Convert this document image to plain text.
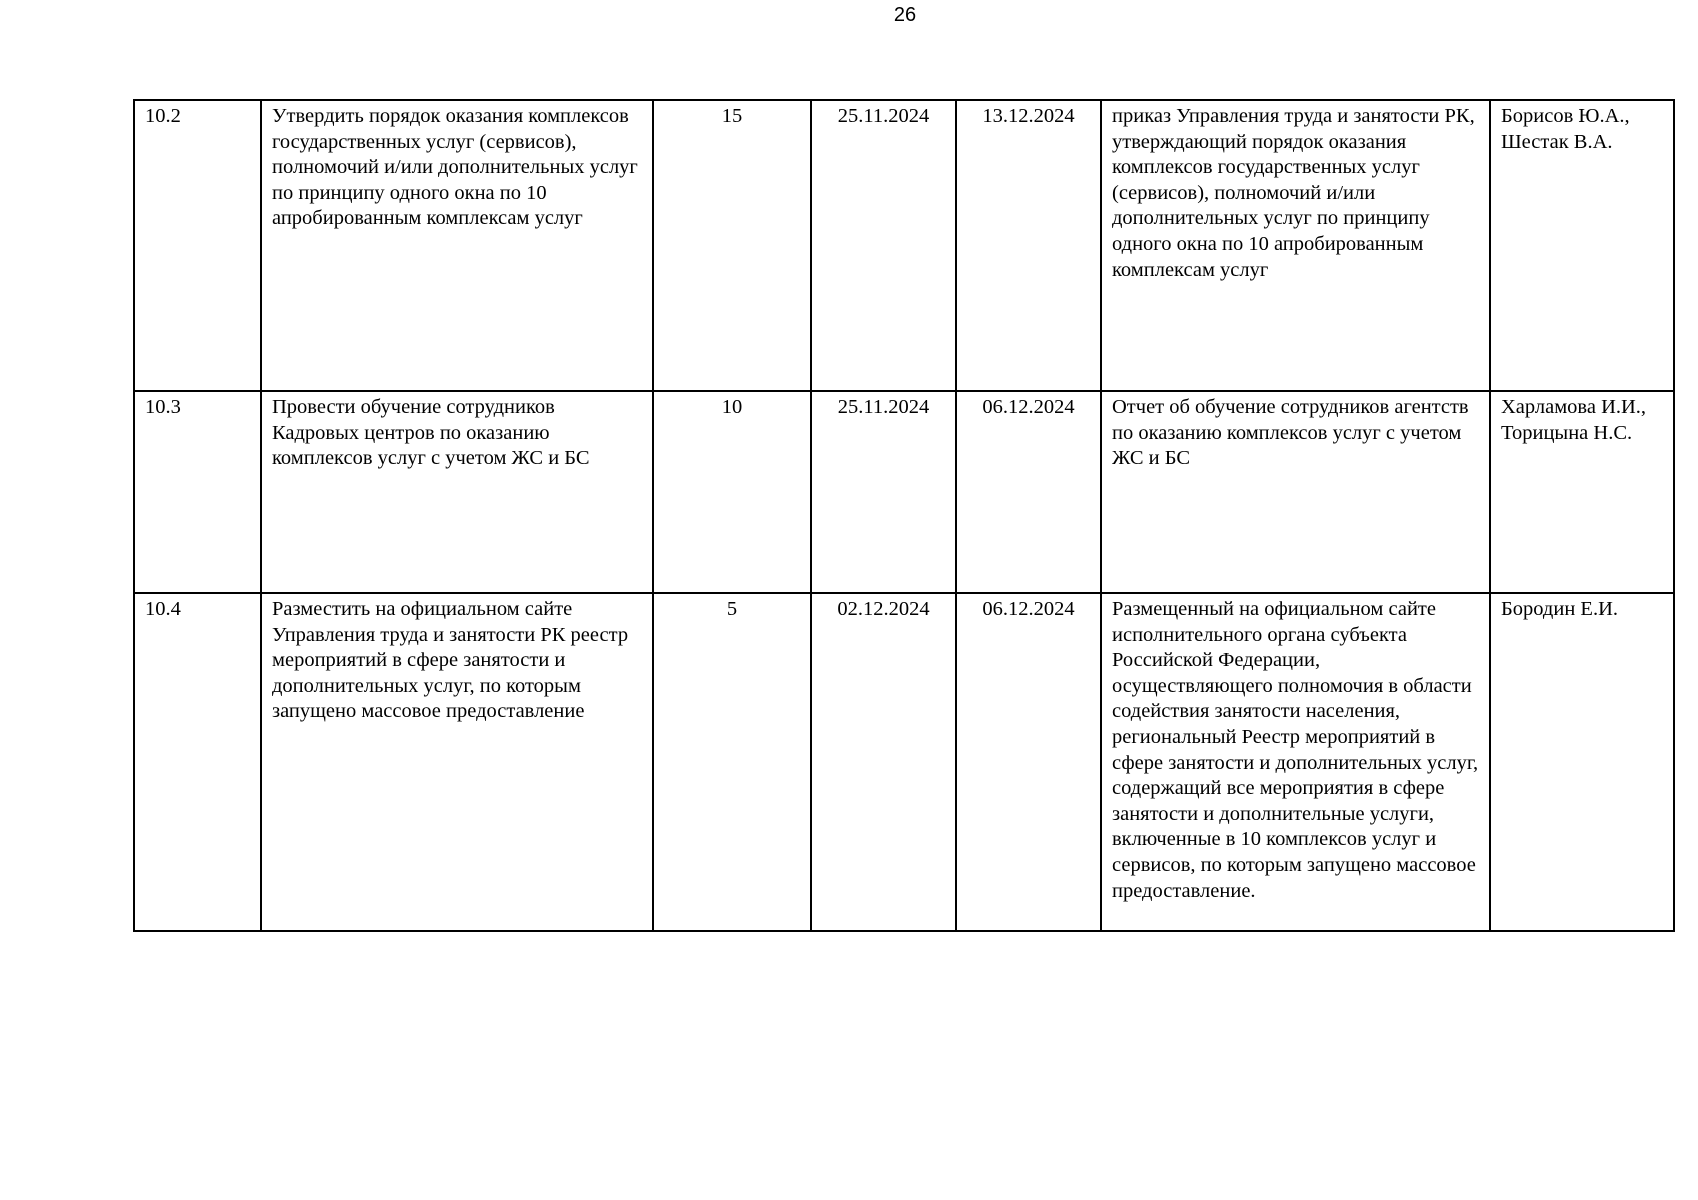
26
10.2	Утвердить порядок оказания комплексов государственных услуг (сервисов), полномочий и/или дополнительных услуг по принципу одного окна по 10 апробированным комплексам услуг	15	25.11.2024	13.12.2024	приказ Управления труда и занятости РК, утверждающий порядок оказания комплексов государственных услуг (сервисов), полномочий и/или дополнительных услуг по принципу одного окна по 10 апробированным комплексам услуг	Борисов Ю.А., Шестак В.А.
10.3	Провести обучение сотрудников Кадровых центров по оказанию комплексов услуг с учетом ЖС и БС	10	25.11.2024	06.12.2024	Отчет об обучение сотрудников агентств по оказанию комплексов услуг с учетом ЖС и БС	Харламова И.И., Торицына Н.С.
10.4	Разместить на официальном сайте Управления труда и занятости РК реестр мероприятий в сфере занятости и дополнительных услуг, по которым запущено массовое предоставление	5	02.12.2024	06.12.2024	Размещенный на официальном сайте исполнительного органа субъекта Российской Федерации, осуществляющего полномочия в области содействия занятости населения, региональный Реестр мероприятий в сфере занятости и дополнительных услуг, содержащий все мероприятия в сфере занятости и дополнительные услуги, включенные в 10 комплексов услуг и сервисов, по которым запущено массовое предоставление.	Бородин Е.И.
